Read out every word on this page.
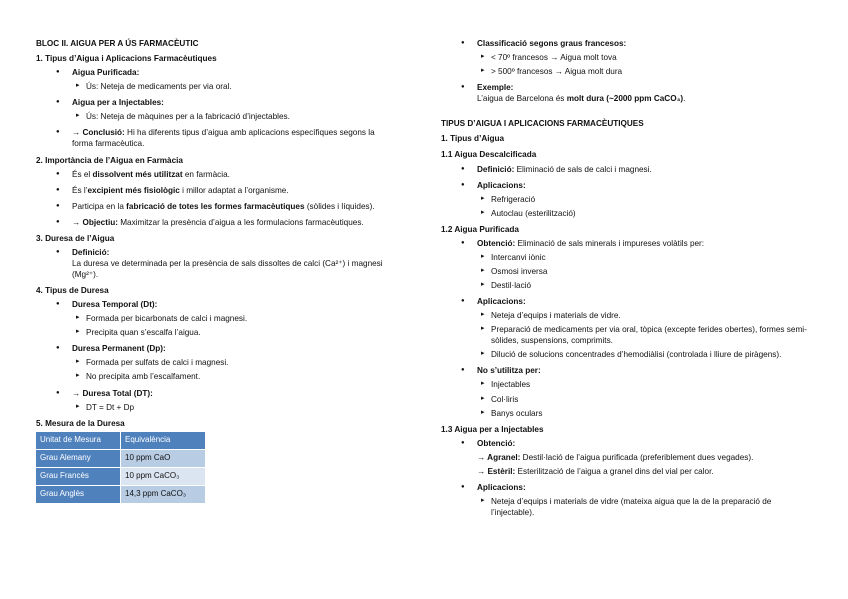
BLOC II. AIGUA PER A ÚS FARMACÈUTIC
1. Tipus d’Aigua i Aplicacions Farmacèutiques
● Aigua Purificada:
▸ Ús: Neteja de medicaments per via oral.
● Aigua per a Injectables:
▸ Ús: Neteja de màquines per a la fabricació d’injectables.
● → Conclusió: Hi ha diferents tipus d’aigua amb aplicacions específiques segons la forma farmacèutica.
2. Importància de l’Aigua en Farmàcia
● És el dissolvent més utilitzat en farmàcia.
● És l’excipient més fisiològic i millor adaptat a l’organisme.
● Participa en la fabricació de totes les formes farmacèutiques (sòlides i líquides).
● → Objectiu: Maximitzar la presència d’aigua a les formulacions farmacèutiques.
3. Duresa de l’Aigua
● Definició:
La duresa ve determinada per la presència de sals dissoltes de calci (Ca²⁺) i magnesi (Mg²⁺).
4. Tipus de Duresa
● Duresa Temporal (Dt):
▸ Formada per bicarbonats de calci i magnesi.
▸ Precipita quan s’escalfa l’aigua.
● Duresa Permanent (Dp):
▸ Formada per sulfats de calci i magnesi.
▸ No precipita amb l’escalfament.
● → Duresa Total (DT):
▸ DT = Dt + Dp
5. Mesura de la Duresa
Unitat de Mesura	Equivalència
Grau Alemany	10 ppm CaO
Grau Francès	10 ppm CaCO₃
Grau Anglès	14,3 ppm CaCO₃
● Classificació segons graus francesos:
▸ < 70º francesos → Aigua molt tova
▸ > 500º francesos → Aigua molt dura
● Exemple:
L’aigua de Barcelona és molt dura (~2000 ppm CaCO₃).
TIPUS D’AIGUA I APLICACIONS FARMACÈUTIQUES
1. Tipus d’Aigua
1.1 Aigua Descalcificada
● Definició: Eliminació de sals de calci i magnesi.
● Aplicacions:
▸ Refrigeració
▸ Autoclau (esterilització)
1.2 Aigua Purificada
● Obtenció: Eliminació de sals minerals i impureses volàtils per:
▸ Intercanvi iònic
▸ Osmosi inversa
▸ Destil·lació
● Aplicacions:
▸ Neteja d’equips i materials de vidre.
▸ Preparació de medicaments per via oral, tòpica (excepte ferides obertes), formes semi-sòlides, suspensions, comprimits.
▸ Dilució de solucions concentrades d’hemodiàlisi (controlada i lliure de piràgens).
● No s’utilitza per:
▸ Injectables
▸ Col·liris
▸ Banys oculars
1.3 Aigua per a Injectables
● Obtenció:
→ Agranel: Destil·lació de l’aigua purificada (preferiblement dues vegades).
→ Estèril: Esterilització de l’aigua a granel dins del vial per calor.
● Aplicacions:
▸ Neteja d’equips i materials de vidre (mateixa aigua que la de la preparació de l’injectable).
